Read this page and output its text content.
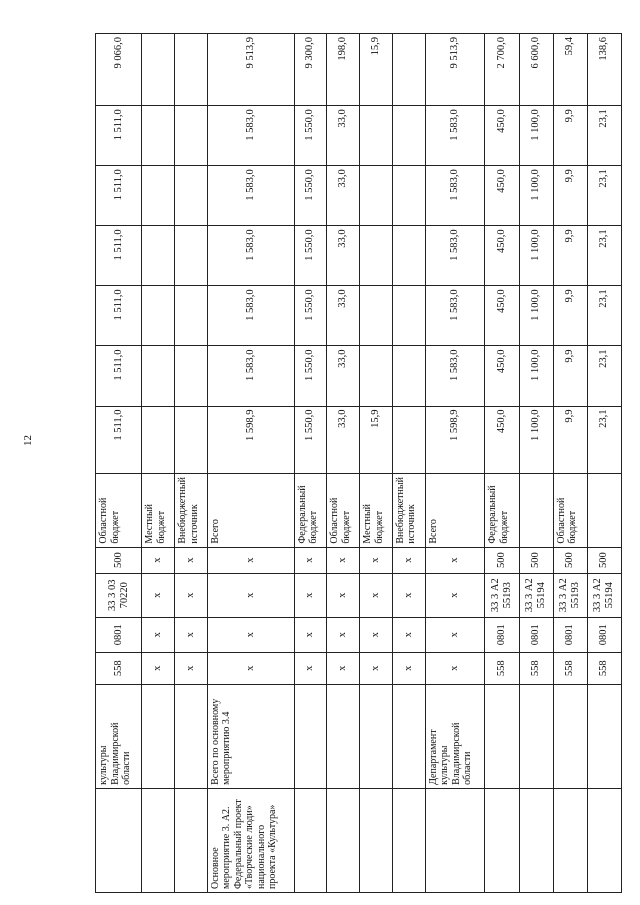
12
	культуры Владимирской области	558	0801	33 3 03 70220	500	Областной бюджет	1 511,0	1 511,0	1 511,0	1 511,0	1 511,0	1 511,0	9 066,0
		x	x	x	x	Местный бюджет							
		x	x	x	x	Внебюджетный источник							
Основное мероприятие 3. А2. Федеральный проект «Творческие люди» национального проекта «Культура»	Всего по основному мероприятию 3.4	x	x	x	x	Всего	1 598,9	1 583,0	1 583,0	1 583,0	1 583,0	1 583,0	9 513,9
		x	x	x	x	Федеральный бюджет	1 550,0	1 550,0	1 550,0	1 550,0	1 550,0	1 550,0	9 300,0
		x	x	x	x	Областной бюджет	33,0	33,0	33,0	33,0	33,0	33,0	198,0
		x	x	x	x	Местный бюджет	15,9						15,9
		x	x	x	x	Внебюджетный источник							
	Департамент культуры Владимирской области	x	x	x	x	Всего	1 598,9	1 583,0	1 583,0	1 583,0	1 583,0	1 583,0	9 513,9
		558	0801	33 3 А2 55193	500	Федеральный бюджет	450,0	450,0	450,0	450,0	450,0	450,0	2 700,0
		558	0801	33 3 А2 55194	500		1 100,0	1 100,0	1 100,0	1 100,0	1 100,0	1 100,0	6 600,0
		558	0801	33 3 А2 55193	500	Областной бюджет	9,9	9,9	9,9	9,9	9,9	9,9	59,4
		558	0801	33 3 А2 55194	500		23,1	23,1	23,1	23,1	23,1	23,1	138,6
